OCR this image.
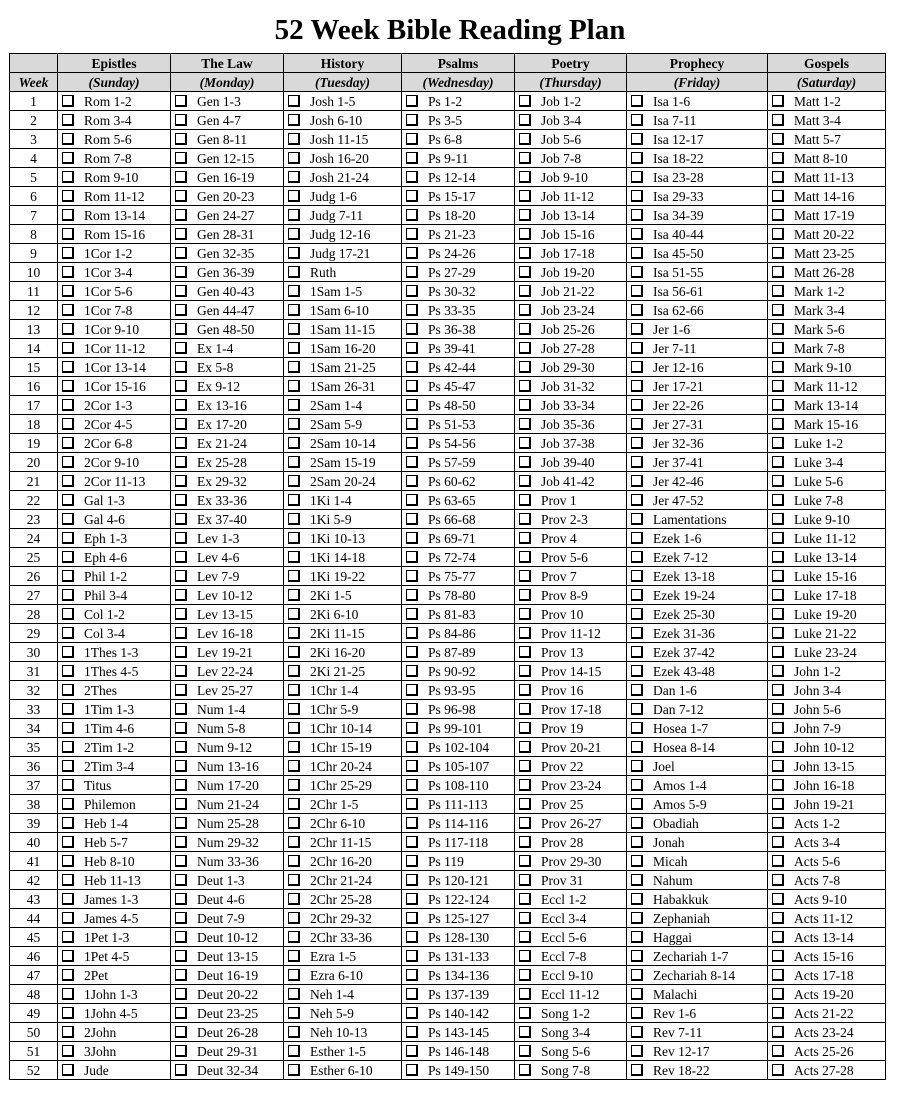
52 Week Bible Reading Plan
	Epistles	The Law	History	Psalms	Poetry	Prophecy	Gospels
Week	(Sunday)	(Monday)	(Tuesday)	(Wednesday)	(Thursday)	(Friday)	(Saturday)
1	Rom 1-2	Gen 1-3	Josh 1-5	Ps 1-2	Job 1-2	Isa 1-6	Matt 1-2

2	Rom 3-4	Gen 4-7	Josh 6-10	Ps 3-5	Job 3-4	Isa 7-11	Matt 3-4

3	Rom 5-6	Gen 8-11	Josh 11-15	Ps 6-8	Job 5-6	Isa 12-17	Matt 5-7

4	Rom 7-8	Gen 12-15	Josh 16-20	Ps 9-11	Job 7-8	Isa 18-22	Matt 8-10

5	Rom 9-10	Gen 16-19	Josh 21-24	Ps 12-14	Job 9-10	Isa 23-28	Matt 11-13

6	Rom 11-12	Gen 20-23	Judg 1-6	Ps 15-17	Job 11-12	Isa 29-33	Matt 14-16

7	Rom 13-14	Gen 24-27	Judg 7-11	Ps 18-20	Job 13-14	Isa 34-39	Matt 17-19

8	Rom 15-16	Gen 28-31	Judg 12-16	Ps 21-23	Job 15-16	Isa 40-44	Matt 20-22

9	1Cor 1-2	Gen 32-35	Judg 17-21	Ps 24-26	Job 17-18	Isa 45-50	Matt 23-25

10	1Cor 3-4	Gen 36-39	Ruth	Ps 27-29	Job 19-20	Isa 51-55	Matt 26-28

11	1Cor 5-6	Gen 40-43	1Sam 1-5	Ps 30-32	Job 21-22	Isa 56-61	Mark 1-2

12	1Cor 7-8	Gen 44-47	1Sam 6-10	Ps 33-35	Job 23-24	Isa 62-66	Mark 3-4

13	1Cor 9-10	Gen 48-50	1Sam 11-15	Ps 36-38	Job 25-26	Jer 1-6	Mark 5-6

14	1Cor 11-12	Ex 1-4	1Sam 16-20	Ps 39-41	Job 27-28	Jer 7-11	Mark 7-8

15	1Cor 13-14	Ex 5-8	1Sam 21-25	Ps 42-44	Job 29-30	Jer 12-16	Mark 9-10

16	1Cor 15-16	Ex 9-12	1Sam 26-31	Ps 45-47	Job 31-32	Jer 17-21	Mark 11-12

17	2Cor 1-3	Ex 13-16	2Sam 1-4	Ps 48-50	Job 33-34	Jer 22-26	Mark 13-14

18	2Cor 4-5	Ex 17-20	2Sam 5-9	Ps 51-53	Job 35-36	Jer 27-31	Mark 15-16

19	2Cor 6-8	Ex 21-24	2Sam 10-14	Ps 54-56	Job 37-38	Jer 32-36	Luke 1-2

20	2Cor 9-10	Ex 25-28	2Sam 15-19	Ps 57-59	Job 39-40	Jer 37-41	Luke 3-4

21	2Cor 11-13	Ex 29-32	2Sam 20-24	Ps 60-62	Job 41-42	Jer 42-46	Luke 5-6

22	Gal 1-3	Ex 33-36	1Ki 1-4	Ps 63-65	Prov 1	Jer 47-52	Luke 7-8

23	Gal 4-6	Ex 37-40	1Ki 5-9	Ps 66-68	Prov 2-3	Lamentations	Luke 9-10

24	Eph 1-3	Lev 1-3	1Ki 10-13	Ps 69-71	Prov 4	Ezek 1-6	Luke 11-12

25	Eph 4-6	Lev 4-6	1Ki 14-18	Ps 72-74	Prov 5-6	Ezek 7-12	Luke 13-14

26	Phil 1-2	Lev 7-9	1Ki 19-22	Ps 75-77	Prov 7	Ezek 13-18	Luke 15-16

27	Phil 3-4	Lev 10-12	2Ki 1-5	Ps 78-80	Prov 8-9	Ezek 19-24	Luke 17-18

28	Col 1-2	Lev 13-15	2Ki 6-10	Ps 81-83	Prov 10	Ezek 25-30	Luke 19-20

29	Col 3-4	Lev 16-18	2Ki 11-15	Ps 84-86	Prov 11-12	Ezek 31-36	Luke 21-22

30	1Thes 1-3	Lev 19-21	2Ki 16-20	Ps 87-89	Prov 13	Ezek 37-42	Luke 23-24

31	1Thes 4-5	Lev 22-24	2Ki 21-25	Ps 90-92	Prov 14-15	Ezek 43-48	John 1-2

32	2Thes	Lev 25-27	1Chr 1-4	Ps 93-95	Prov 16	Dan 1-6	John 3-4

33	1Tim 1-3	Num 1-4	1Chr 5-9	Ps 96-98	Prov 17-18	Dan 7-12	John 5-6

34	1Tim 4-6	Num 5-8	1Chr 10-14	Ps 99-101	Prov 19	Hosea 1-7	John 7-9

35	2Tim 1-2	Num 9-12	1Chr 15-19	Ps 102-104	Prov 20-21	Hosea 8-14	John 10-12

36	2Tim 3-4	Num 13-16	1Chr 20-24	Ps 105-107	Prov 22	Joel	John 13-15

37	Titus	Num 17-20	1Chr 25-29	Ps 108-110	Prov 23-24	Amos 1-4	John 16-18

38	Philemon	Num 21-24	2Chr 1-5	Ps 111-113	Prov 25	Amos 5-9	John 19-21

39	Heb 1-4	Num 25-28	2Chr 6-10	Ps 114-116	Prov 26-27	Obadiah	Acts 1-2

40	Heb 5-7	Num 29-32	2Chr 11-15	Ps 117-118	Prov 28	Jonah	Acts 3-4

41	Heb 8-10	Num 33-36	2Chr 16-20	Ps 119	Prov 29-30	Micah	Acts 5-6

42	Heb 11-13	Deut 1-3	2Chr 21-24	Ps 120-121	Prov 31	Nahum	Acts 7-8

43	James 1-3	Deut 4-6	2Chr 25-28	Ps 122-124	Eccl 1-2	Habakkuk	Acts 9-10

44	James 4-5	Deut 7-9	2Chr 29-32	Ps 125-127	Eccl 3-4	Zephaniah	Acts 11-12

45	1Pet 1-3	Deut 10-12	2Chr 33-36	Ps 128-130	Eccl 5-6	Haggai	Acts 13-14

46	1Pet 4-5	Deut 13-15	Ezra 1-5	Ps 131-133	Eccl 7-8	Zechariah 1-7	Acts 15-16

47	2Pet	Deut 16-19	Ezra 6-10	Ps 134-136	Eccl 9-10	Zechariah 8-14	Acts 17-18

48	1John 1-3	Deut 20-22	Neh 1-4	Ps 137-139	Eccl 11-12	Malachi	Acts 19-20

49	1John 4-5	Deut 23-25	Neh 5-9	Ps 140-142	Song 1-2	Rev 1-6	Acts 21-22

50	2John	Deut 26-28	Neh 10-13	Ps 143-145	Song 3-4	Rev 7-11	Acts 23-24

51	3John	Deut 29-31	Esther 1-5	Ps 146-148	Song 5-6	Rev 12-17	Acts 25-26

52	Jude	Deut 32-34	Esther 6-10	Ps 149-150	Song 7-8	Rev 18-22	Acts 27-28
